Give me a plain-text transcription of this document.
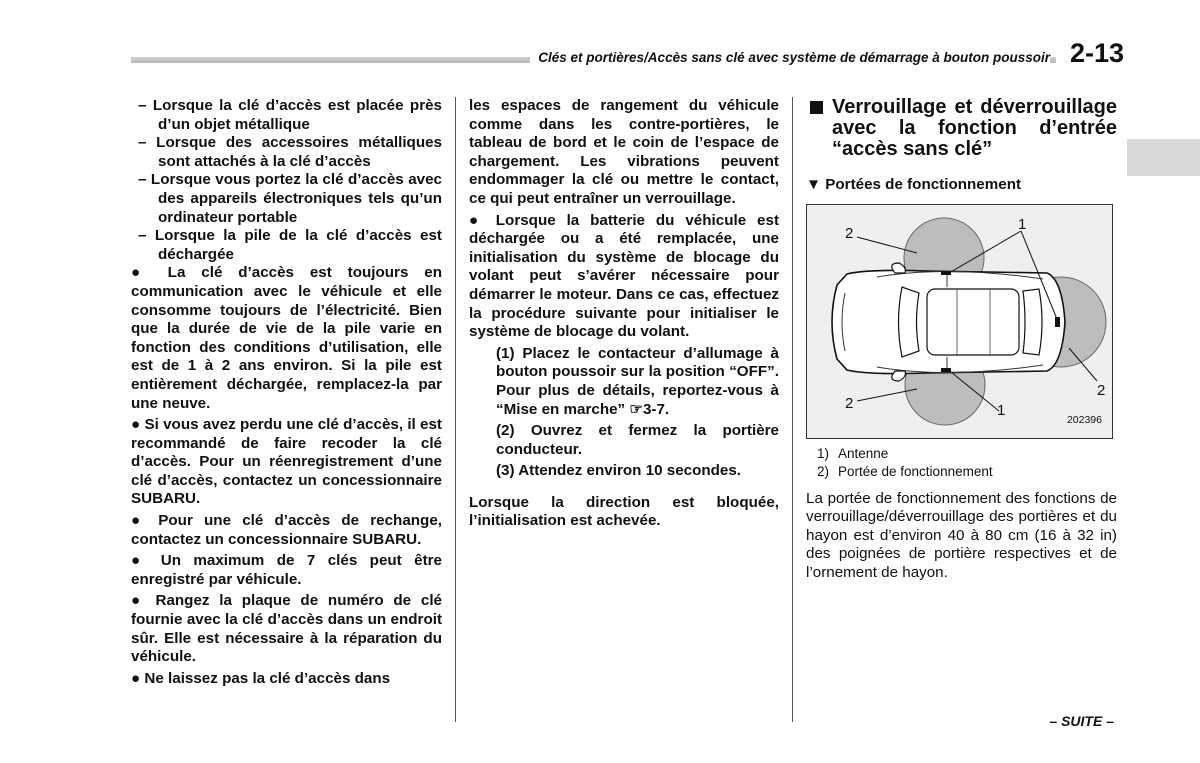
Clés et portières/Accès sans clé avec système de démarrage à bouton poussoir 2-13

– Lorsque la clé d’accès est placée près d’un objet métallique

– Lorsque des accessoires métalliques sont attachés à la clé d’accès

– Lorsque vous portez la clé d’accès avec des appareils électroniques tels qu’un ordinateur portable

– Lorsque la pile de la clé d’accès est déchargée

● La clé d’accès est toujours en communication avec le véhicule et elle consomme toujours de l’électricité. Bien que la durée de vie de la pile varie en fonction des conditions d’utilisation, elle est de 1 à 2 ans environ. Si la pile est entièrement déchargée, remplacez-la par une neuve.

● Si vous avez perdu une clé d’accès, il est recommandé de faire recoder la clé d’accès. Pour un réenregistrement d’une clé d’accès, contactez un concessionnaire SUBARU.

● Pour une clé d’accès de rechange, contactez un concessionnaire SUBARU.

● Un maximum de 7 clés peut être enregistré par véhicule.

● Rangez la plaque de numéro de clé fournie avec la clé d’accès dans un endroit sûr. Elle est nécessaire à la réparation du véhicule.

● Ne laissez pas la clé d’accès dans

les espaces de rangement du véhicule comme dans les contre-portières, le tableau de bord et le coin de l’espace de chargement. Les vibrations peuvent endommager la clé ou mettre le contact, ce qui peut entraîner un verrouillage.

● Lorsque la batterie du véhicule est déchargée ou a été remplacée, une initialisation du système de blocage du volant peut s’avérer nécessaire pour démarrer le moteur. Dans ce cas, effectuez la procédure suivante pour initialiser le système de blocage du volant.

(1) Placez le contacteur d’allumage à bouton poussoir sur la position “OFF”. Pour plus de détails, reportez-vous à “Mise en marche” ☞3-7.

(2) Ouvrez et fermez la portière conducteur.

(3) Attendez environ 10 secondes.

Lorsque la direction est bloquée, l’initialisation est achevée.

Verrouillage et déverrouillage avec la fonction d’entrée “accès sans clé”

▼ Portées de fonctionnement

1
1
2
2
2
202396
1) Antenne
2) Portée de fonctionnement

La portée de fonctionnement des fonctions de verrouillage/déverrouillage des portières et du hayon est d’environ 40 à 80 cm (16 à 32 in) des poignées de portière respectives et de l’ornement de hayon.

– SUITE –
